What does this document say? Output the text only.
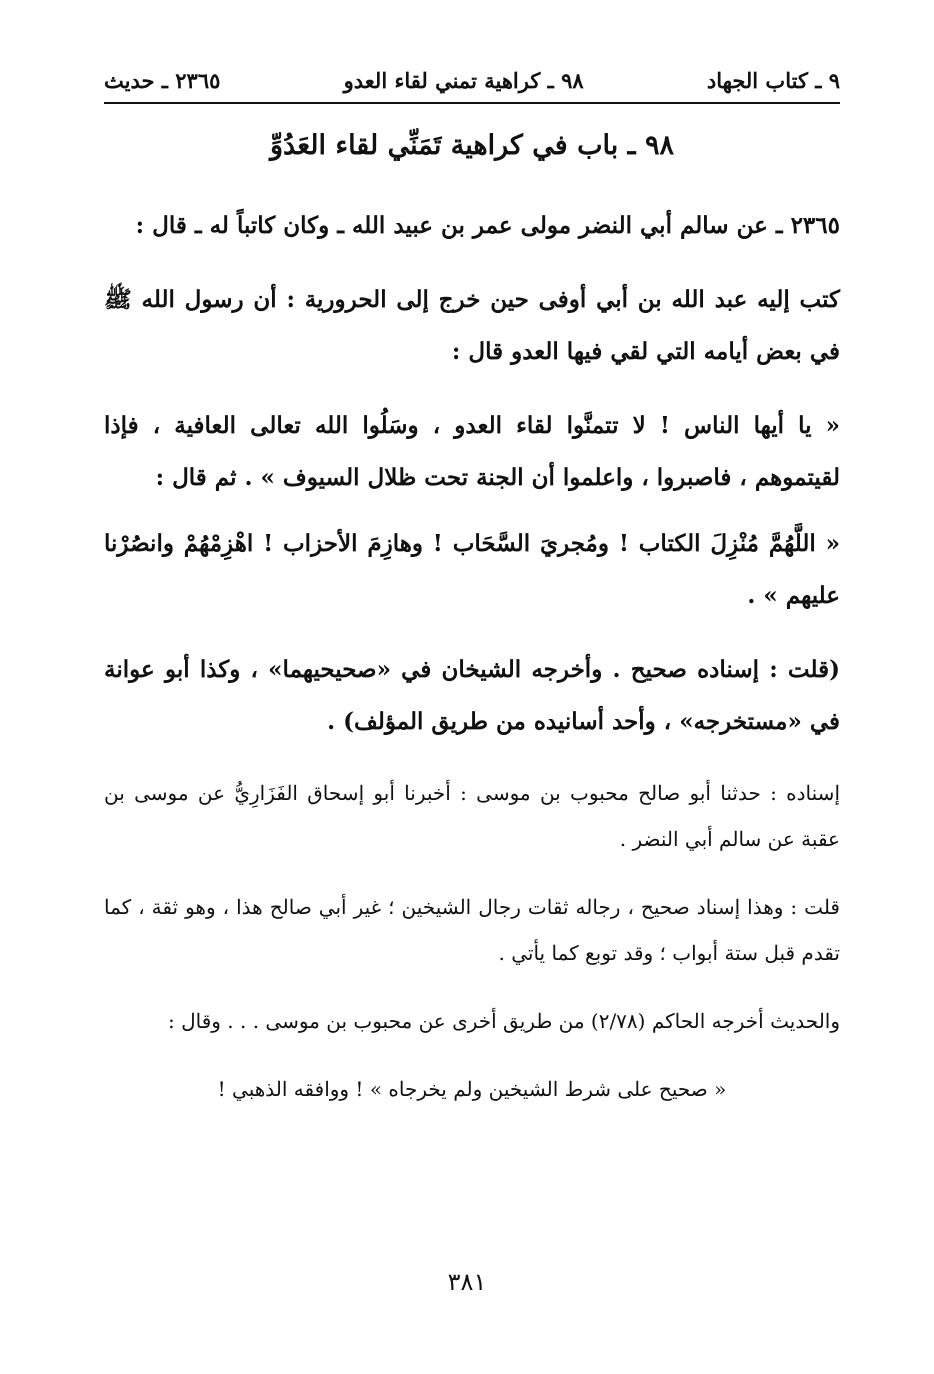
٩ ـ كتاب الجهاد
٩٨ ـ كراهية تمني لقاء العدو
٢٣٦٥ ـ حديث
٩٨ ـ باب في كراهية تَمَنِّي لقاء العَدُوِّ

٢٣٦٥ ـ عن سالم أبي النضر مولى عمر بن عبيد الله ـ وكان كاتباً له ـ قال :

كتب إليه عبد الله بن أبي أوفى حين خرج إلى الحرورية : أن رسول الله ﷺ في بعض أيامه التي لقي فيها العدو قال :

« يا أيها الناس ! لا تتمنَّوا لقاء العدو ، وسَلُوا الله تعالى العافية ، فإذا لقيتموهم ، فاصبروا ، واعلموا أن الجنة تحت ظلال السيوف » . ثم قال :

« اللَّهُمَّ مُنْزِلَ الكتاب ! ومُجريَ السَّحَاب ! وهازِمَ الأحزاب ! اهْزِمْهُمْ وانصُرْنا عليهم » .

(قلت : إسناده صحيح . وأخرجه الشيخان في «صحيحيهما» ، وكذا أبو عوانة في «مستخرجه» ، وأحد أسانيده من طريق المؤلف) .

إسناده : حدثنا أبو صالح محبوب بن موسى : أخبرنا أبو إسحاق الفَزَارِيُّ عن موسى بن عقبة عن سالم أبي النضر .

قلت : وهذا إسناد صحيح ، رجاله ثقات رجال الشيخين ؛ غير أبي صالح هذا ، وهو ثقة ، كما تقدم قبل ستة أبواب ؛ وقد توبع كما يأتي .

والحديث أخرجه الحاكم (٢/٧٨) من طريق أخرى عن محبوب بن موسى . . . وقال :

« صحيح على شرط الشيخين ولم يخرجاه » ! ووافقه الذهبي !

٣٨١
